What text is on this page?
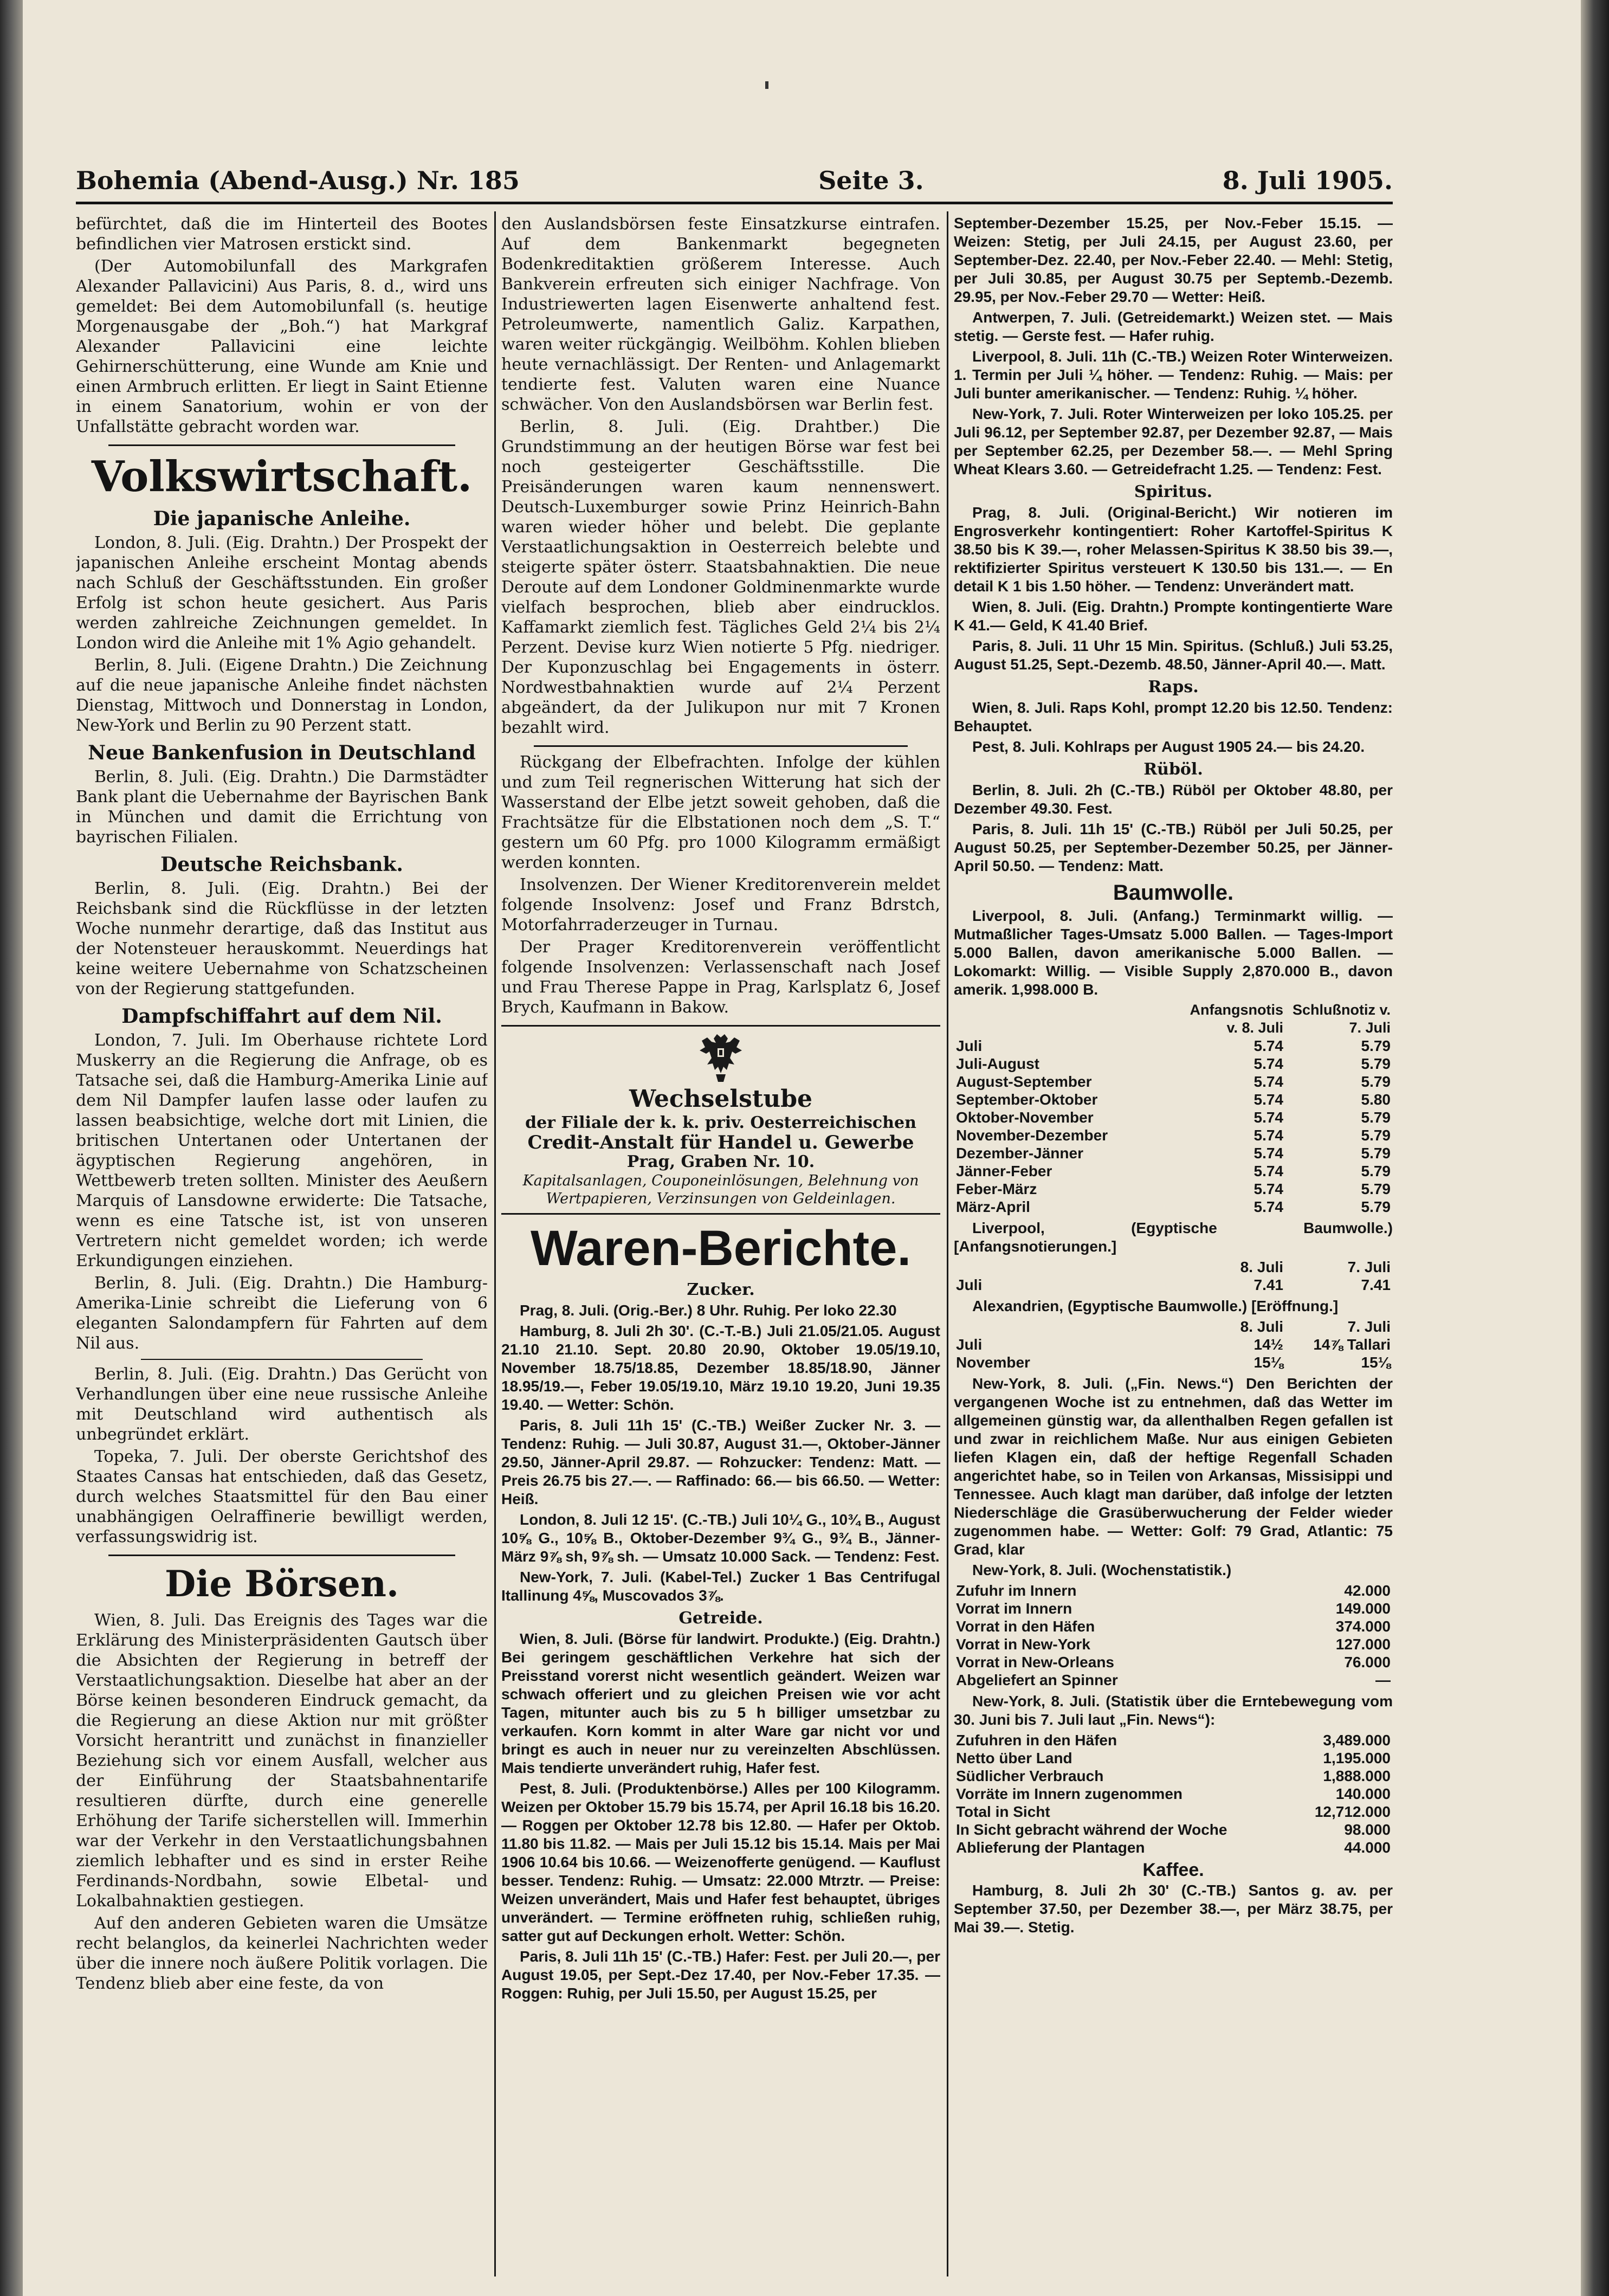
Bohemia (Abend-Ausg.) Nr. 185	Seite 3.	8. Juli 1905.

befürchtet, daß die im Hinterteil des Bootes befindlichen vier Matrosen erstickt sind.

(Der Automobilunfall des Markgrafen Alexander Pallavicini) Aus Paris, 8. d., wird uns gemeldet: Bei dem Automobilunfall (s. heutige Morgenausgabe der „Boh.“) hat Markgraf Alexander Pallavicini eine leichte Gehirnerschütterung, eine Wunde am Knie und einen Armbruch erlitten. Er liegt in Saint Etienne in einem Sanatorium, wohin er von der Unfallstätte gebracht worden war.

Volkswirtschaft.
Die japanische Anleihe.

London, 8. Juli. (Eig. Drahtn.) Der Prospekt der japanischen Anleihe erscheint Montag abends nach Schluß der Geschäftsstunden. Ein großer Erfolg ist schon heute gesichert. Aus Paris werden zahlreiche Zeichnungen gemeldet. In London wird die Anleihe mit 1% Agio gehandelt.

Berlin, 8. Juli. (Eigene Drahtn.) Die Zeichnung auf die neue japanische Anleihe findet nächsten Dienstag, Mittwoch und Donnerstag in London, New-York und Berlin zu 90 Perzent statt.

Neue Bankenfusion in Deutschland

Berlin, 8. Juli. (Eig. Drahtn.) Die Darmstädter Bank plant die Uebernahme der Bayrischen Bank in München und damit die Errichtung von bayrischen Filialen.

Deutsche Reichsbank.

Berlin, 8. Juli. (Eig. Drahtn.) Bei der Reichsbank sind die Rückflüsse in der letzten Woche nunmehr derartige, daß das Institut aus der Notensteuer herauskommt. Neuerdings hat keine weitere Uebernahme von Schatzscheinen von der Regierung stattgefunden.

Dampfschiffahrt auf dem Nil.

London, 7. Juli. Im Oberhause richtete Lord Muskerry an die Regierung die Anfrage, ob es Tatsache sei, daß die Hamburg-Amerika Linie auf dem Nil Dampfer laufen lasse oder laufen zu lassen beabsichtige, welche dort mit Linien, die britischen Untertanen oder Untertanen der ägyptischen Regierung angehören, in Wettbewerb treten sollten. Minister des Aeußern Marquis of Lansdowne erwiderte: Die Tatsache, wenn es eine Tatsche ist, ist von unseren Vertretern nicht gemeldet worden; ich werde Erkundigungen einziehen.

Berlin, 8. Juli. (Eig. Drahtn.) Die Hamburg-Amerika-Linie schreibt die Lieferung von 6 eleganten Salondampfern für Fahrten auf dem Nil aus.

Berlin, 8. Juli. (Eig. Drahtn.) Das Gerücht von Verhandlungen über eine neue russische Anleihe mit Deutschland wird authentisch als unbegründet erklärt.

Topeka, 7. Juli. Der oberste Gerichtshof des Staates Cansas hat entschieden, daß das Gesetz, durch welches Staatsmittel für den Bau einer unabhängigen Oelraffinerie bewilligt werden, verfassungswidrig ist.

Die Börsen.

Wien, 8. Juli. Das Ereignis des Tages war die Erklärung des Ministerpräsidenten Gautsch über die Absichten der Regierung in betreff der Verstaatlichungsaktion. Dieselbe hat aber an der Börse keinen besonderen Eindruck gemacht, da die Regierung an diese Aktion nur mit größter Vorsicht herantritt und zunächst in finanzieller Beziehung sich vor einem Ausfall, welcher aus der Einführung der Staatsbahnentarife resultieren dürfte, durch eine generelle Erhöhung der Tarife sicherstellen will. Immerhin war der Verkehr in den Verstaatlichungsbahnen ziemlich lebhafter und es sind in erster Reihe Ferdinands-Nordbahn, sowie Elbetal- und Lokalbahnaktien gestiegen.

Auf den anderen Gebieten waren die Umsätze recht belanglos, da keinerlei Nachrichten weder über die innere noch äußere Politik vorlagen. Die Tendenz blieb aber eine feste, da von

den Auslandsbörsen feste Einsatzkurse eintrafen. Auf dem Bankenmarkt begegneten Bodenkreditaktien größerem Interesse. Auch Bankverein erfreuten sich einiger Nachfrage. Von Industriewerten lagen Eisenwerte anhaltend fest. Petroleumwerte, namentlich Galiz. Karpathen, waren weiter rückgängig. Weilböhm. Kohlen blieben heute vernachlässigt. Der Renten- und Anlagemarkt tendierte fest. Valuten waren eine Nuance schwächer. Von den Auslandsbörsen war Berlin fest.

Berlin, 8. Juli. (Eig. Drahtber.) Die Grundstimmung an der heutigen Börse war fest bei noch gesteigerter Geschäftsstille. Die Preisänderungen waren kaum nennenswert. Deutsch-Luxemburger sowie Prinz Heinrich-Bahn waren wieder höher und belebt. Die geplante Verstaatlichungsaktion in Oesterreich belebte und steigerte später österr. Staatsbahnaktien. Die neue Deroute auf dem Londoner Goldminenmarkte wurde vielfach besprochen, blieb aber eindrucklos. Kaffamarkt ziemlich fest. Tägliches Geld 2¼ bis 2¼ Perzent. Devise kurz Wien notierte 5 Pfg. niedriger. Der Kuponzuschlag bei Engagements in österr. Nordwestbahnaktien wurde auf 2¼ Perzent abgeändert, da der Julikupon nur mit 7 Kronen bezahlt wird.

Rückgang der Elbefrachten. Infolge der kühlen und zum Teil regnerischen Witterung hat sich der Wasserstand der Elbe jetzt soweit gehoben, daß die Frachtsätze für die Elbstationen noch dem „S. T.“ gestern um 60 Pfg. pro 1000 Kilogramm ermäßigt werden konnten.

Insolvenzen. Der Wiener Kreditorenverein meldet folgende Insolvenz: Josef und Franz Bdrstch, Motorfahrraderzeuger in Turnau.

Der Prager Kreditorenverein veröffentlicht folgende Insolvenzen: Verlassenschaft nach Josef und Frau Therese Pappe in Prag, Karlsplatz 6, Josef Brych, Kaufmann in Bakow.

Wechselstube
der Filiale der k. k. priv. Oesterreichischen
Credit-Anstalt für Handel u. Gewerbe
Prag, Graben Nr. 10.
Kapitalsanlagen, Couponeinlösungen, Belehnung von Wertpapieren, Verzinsungen von Geldeinlagen.
Waren-Berichte.
Zucker.

Prag, 8. Juli. (Orig.-Ber.) 8 Uhr. Ruhig. Per loko 22.30

Hamburg, 8. Juli 2h 30'. (C.-T.-B.) Juli 21.05/21.05. August 21.10 21.10. Sept. 20.80 20.90, Oktober 19.05/19.10, November 18.75/18.85, Dezember 18.85/18.90, Jänner 18.95/19.—, Feber 19.05/19.10, März 19.10 19.20, Juni 19.35 19.40. — Wetter: Schön.

Paris, 8. Juli 11h 15' (C.-TB.) Weißer Zucker Nr. 3. — Tendenz: Ruhig. — Juli 30.87, August 31.—, Oktober-Jänner 29.50, Jänner-April 29.87. — Rohzucker: Tendenz: Matt. — Preis 26.75 bis 27.—. — Raffinado: 66.— bis 66.50. — Wetter: Heiß.

London, 8. Juli 12 15'. (C.-TB.) Juli 10¼ G., 10¾ B., August 10⅝ G., 10⅝ B., Oktober-Dezember 9¾ G., 9¾ B., Jänner-März 9⅞ sh, 9⅞ sh. — Umsatz 10.000 Sack. — Tendenz: Fest.

New-York, 7. Juli. (Kabel-Tel.) Zucker 1 Bas Centrifugal Itallinung 4⅝, Muscovados 3⅞.

Getreide.

Wien, 8. Juli. (Börse für landwirt. Produkte.) (Eig. Drahtn.) Bei geringem geschäftlichen Verkehre hat sich der Preisstand vorerst nicht wesentlich geändert. Weizen war schwach offeriert und zu gleichen Preisen wie vor acht Tagen, mitunter auch bis zu 5 h billiger umsetzbar zu verkaufen. Korn kommt in alter Ware gar nicht vor und bringt es auch in neuer nur zu vereinzelten Abschlüssen. Mais tendierte unverändert ruhig, Hafer fest.

Pest, 8. Juli. (Produktenbörse.) Alles per 100 Kilogramm. Weizen per Oktober 15.79 bis 15.74, per April 16.18 bis 16.20. — Roggen per Oktober 12.78 bis 12.80. — Hafer per Oktob. 11.80 bis 11.82. — Mais per Juli 15.12 bis 15.14. Mais per Mai 1906 10.64 bis 10.66. — Weizenofferte genügend. — Kauflust besser. Tendenz: Ruhig. — Umsatz: 22.000 Mtrztr. — Preise: Weizen unverändert, Mais und Hafer fest behauptet, übriges unverändert. — Termine eröffneten ruhig, schließen ruhig, satter gut auf Deckungen erholt. Wetter: Schön.

Paris, 8. Juli 11h 15' (C.-TB.) Hafer: Fest. per Juli 20.—, per August 19.05, per Sept.-Dez 17.40, per Nov.-Feber 17.35. — Roggen: Ruhig, per Juli 15.50, per August 15.25, per

September-Dezember 15.25, per Nov.-Feber 15.15. — Weizen: Stetig, per Juli 24.15, per August 23.60, per September-Dez. 22.40, per Nov.-Feber 22.40. — Mehl: Stetig, per Juli 30.85, per August 30.75 per Septemb.-Dezemb. 29.95, per Nov.-Feber 29.70 — Wetter: Heiß.

Antwerpen, 7. Juli. (Getreidemarkt.) Weizen stet. — Mais stetig. — Gerste fest. — Hafer ruhig.

Liverpool, 8. Juli. 11h (C.-TB.) Weizen Roter Winterweizen. 1. Termin per Juli ¼ höher. — Tendenz: Ruhig. — Mais: per Juli bunter amerikanischer. — Tendenz: Ruhig. ¼ höher.

New-York, 7. Juli. Roter Winterweizen per loko 105.25. per Juli 96.12, per September 92.87, per Dezember 92.87, — Mais per September 62.25, per Dezember 58.—. — Mehl Spring Wheat Klears 3.60. — Getreidefracht 1.25. — Tendenz: Fest.

Spiritus.

Prag, 8. Juli. (Original-Bericht.) Wir notieren im Engrosverkehr kontingentiert: Roher Kartoffel-Spiritus K 38.50 bis K 39.—, roher Melassen-Spiritus K 38.50 bis 39.—, rektifizierter Spiritus versteuert K 130.50 bis 131.—. — En detail K 1 bis 1.50 höher. — Tendenz: Unverändert matt.

Wien, 8. Juli. (Eig. Drahtn.) Prompte kontingentierte Ware K 41.— Geld, K 41.40 Brief.

Paris, 8. Juli. 11 Uhr 15 Min. Spiritus. (Schluß.) Juli 53.25, August 51.25, Sept.-Dezemb. 48.50, Jänner-April 40.—. Matt.

Raps.

Wien, 8. Juli. Raps Kohl, prompt 12.20 bis 12.50. Tendenz: Behauptet.

Pest, 8. Juli. Kohlraps per August 1905 24.— bis 24.20.

Rüböl.

Berlin, 8. Juli. 2h (C.-TB.) Rüböl per Oktober 48.80, per Dezember 49.30. Fest.

Paris, 8. Juli. 11h 15' (C.-TB.) Rüböl per Juli 50.25, per August 50.25, per September-Dezember 50.25, per Jänner-April 50.50. — Tendenz: Matt.

Baumwolle.

Liverpool, 8. Juli. (Anfang.) Terminmarkt willig. — Mutmaßlicher Tages-Umsatz 5.000 Ballen. — Tages-Import 5.000 Ballen, davon amerikanische 5.000 Ballen. — Lokomarkt: Willig. — Visible Supply 2,870.000 B., davon amerik. 1,998.000 B.

	Anfangsnotis v. 8. Juli	Schlußnotiz v. 7. Juli
Juli	5.74	5.79
Juli-August	5.74	5.79
August-September	5.74	5.79
September-Oktober	5.74	5.80
Oktober-November	5.74	5.79
November-Dezember	5.74	5.79
Dezember-Jänner	5.74	5.79
Jänner-Feber	5.74	5.79
Feber-März	5.74	5.79
März-April	5.74	5.79

Liverpool, (Egyptische Baumwolle.) [Anfangsnotierungen.]

	8. Juli	7. Juli
Juli	7.41	7.41

Alexandrien, (Egyptische Baumwolle.) [Eröffnung.]

	8. Juli	7. Juli
Juli	14½	14⅞ Tallari
November	15⅛	15⅛

New-York, 8. Juli. („Fin. News.“) Den Berichten der vergangenen Woche ist zu entnehmen, daß das Wetter im allgemeinen günstig war, da allenthalben Regen gefallen ist und zwar in reichlichem Maße. Nur aus einigen Gebieten liefen Klagen ein, daß der heftige Regenfall Schaden angerichtet habe, so in Teilen von Arkansas, Missisippi und Tennessee. Auch klagt man darüber, daß infolge der letzten Niederschläge die Grasüberwucherung der Felder wieder zugenommen habe. — Wetter: Golf: 79 Grad, Atlantic: 75 Grad, klar

New-York, 8. Juli. (Wochenstatistik.)

Zufuhr im Innern	42.000
Vorrat im Innern	149.000
Vorrat in den Häfen	374.000
Vorrat in New-York	127.000
Vorrat in New-Orleans	76.000
Abgeliefert an Spinner	—

New-York, 8. Juli. (Statistik über die Erntebewegung vom 30. Juni bis 7. Juli laut „Fin. News“):

Zufuhren in den Häfen	3,489.000
Netto über Land	1,195.000
Südlicher Verbrauch	1,888.000
Vorräte im Innern zugenommen	140.000
Total in Sicht	12,712.000
In Sicht gebracht während der Woche	98.000
Ablieferung der Plantagen	44.000
Kaffee.

Hamburg, 8. Juli 2h 30' (C.-TB.) Santos g. av. per September 37.50, per Dezember 38.—, per März 38.75, per Mai 39.—. Stetig.
